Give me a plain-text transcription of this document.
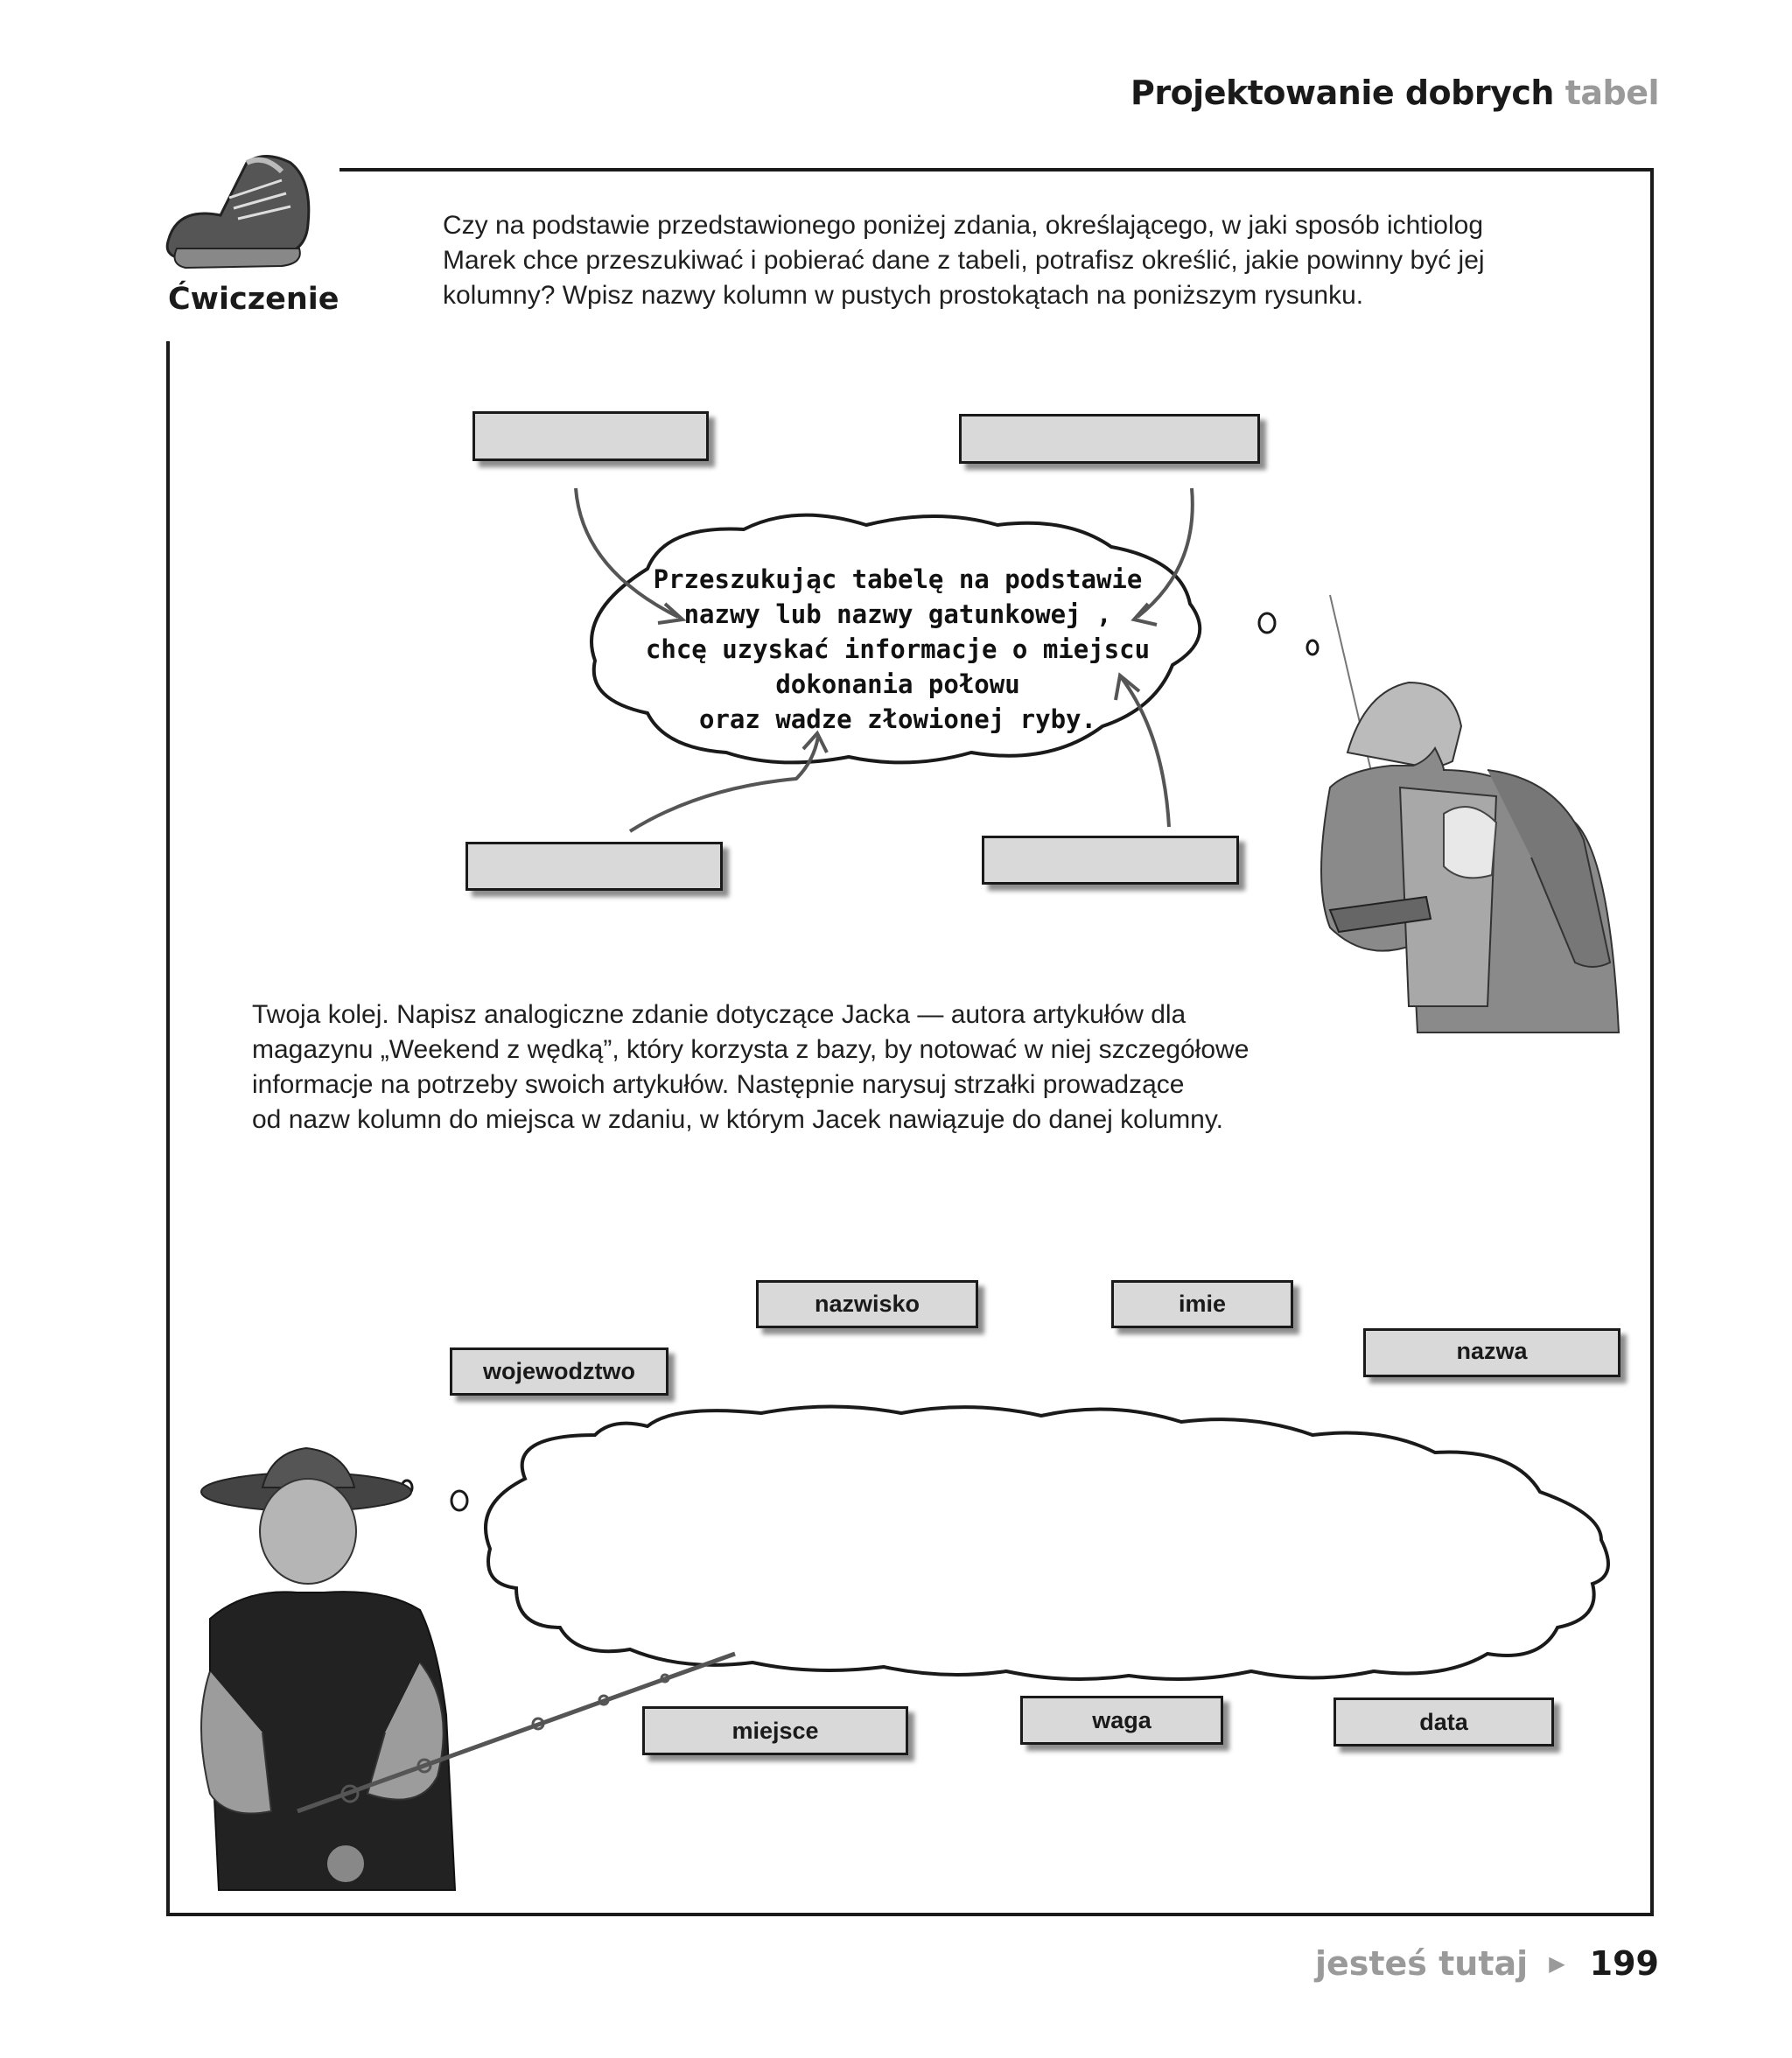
Projektowanie dobrych tabel
Ćwiczenie
Czy na podstawie przedstawionego poniżej zdania, określającego, w jaki sposób ichtiolog
Marek chce przeszukiwać i pobierać dane z tabeli, potrafisz określić, jakie powinny być jej
kolumny? Wpisz nazwy kolumn w pustych prostokątach na poniższym rysunku.
Przeszukując tabelę na podstawie
nazwy lub nazwy gatunkowej ,
chcę uzyskać informacje o miejscu
dokonania połowu
oraz wadze złowionej ryby.
Twoja kolej. Napisz analogiczne zdanie dotyczące Jacka — autora artykułów dla
magazynu „Weekend z wędką”, który korzysta z bazy, by notować w niej szczegółowe
informacje na potrzeby swoich artykułów. Następnie narysuj strzałki prowadzące
od nazw kolumn do miejsca w zdaniu, w którym Jacek nawiązuje do danej kolumny.
nazwisko	imie
wojewodztwo
nazwa
miejsce	waga	data
jesteś tutaj ▶ 199
